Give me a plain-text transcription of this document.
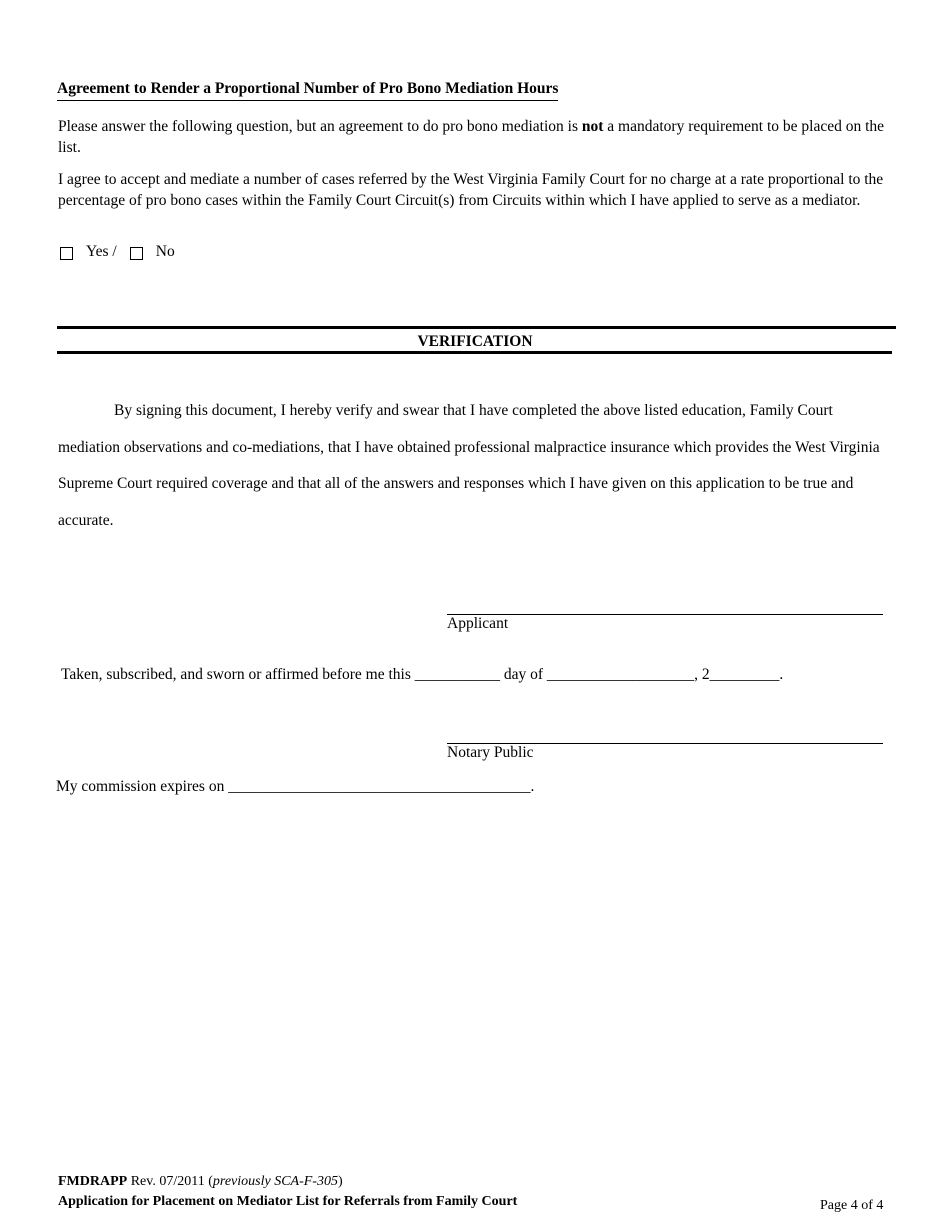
Agreement to Render a Proportional Number of Pro Bono Mediation Hours
Please answer the following question, but an agreement to do pro bono mediation is not a mandatory requirement to be placed on the list.
I agree to accept and mediate a number of cases referred by the West Virginia Family Court for no charge at a rate proportional to the percentage of pro bono cases within the Family Court Circuit(s) from Circuits within which I have applied to serve as a mediator.
Yes /	No
VERIFICATION
By signing this document, I hereby verify and swear that I have completed the above listed education, Family Court mediation observations and co-mediations, that I have obtained professional malpractice insurance which provides the West Virginia Supreme Court required coverage and that all of the answers and responses which I have given on this application to be true and accurate.
Applicant
Taken, subscribed, and sworn or affirmed before me this ___________ day of ___________________, 2_________.
Notary Public
My commission expires on _______________________________________.
FMDRAPP Rev. 07/2011 (previously SCA-F-305)
Application for Placement on Mediator List for Referrals from Family Court	Page 4 of 4
